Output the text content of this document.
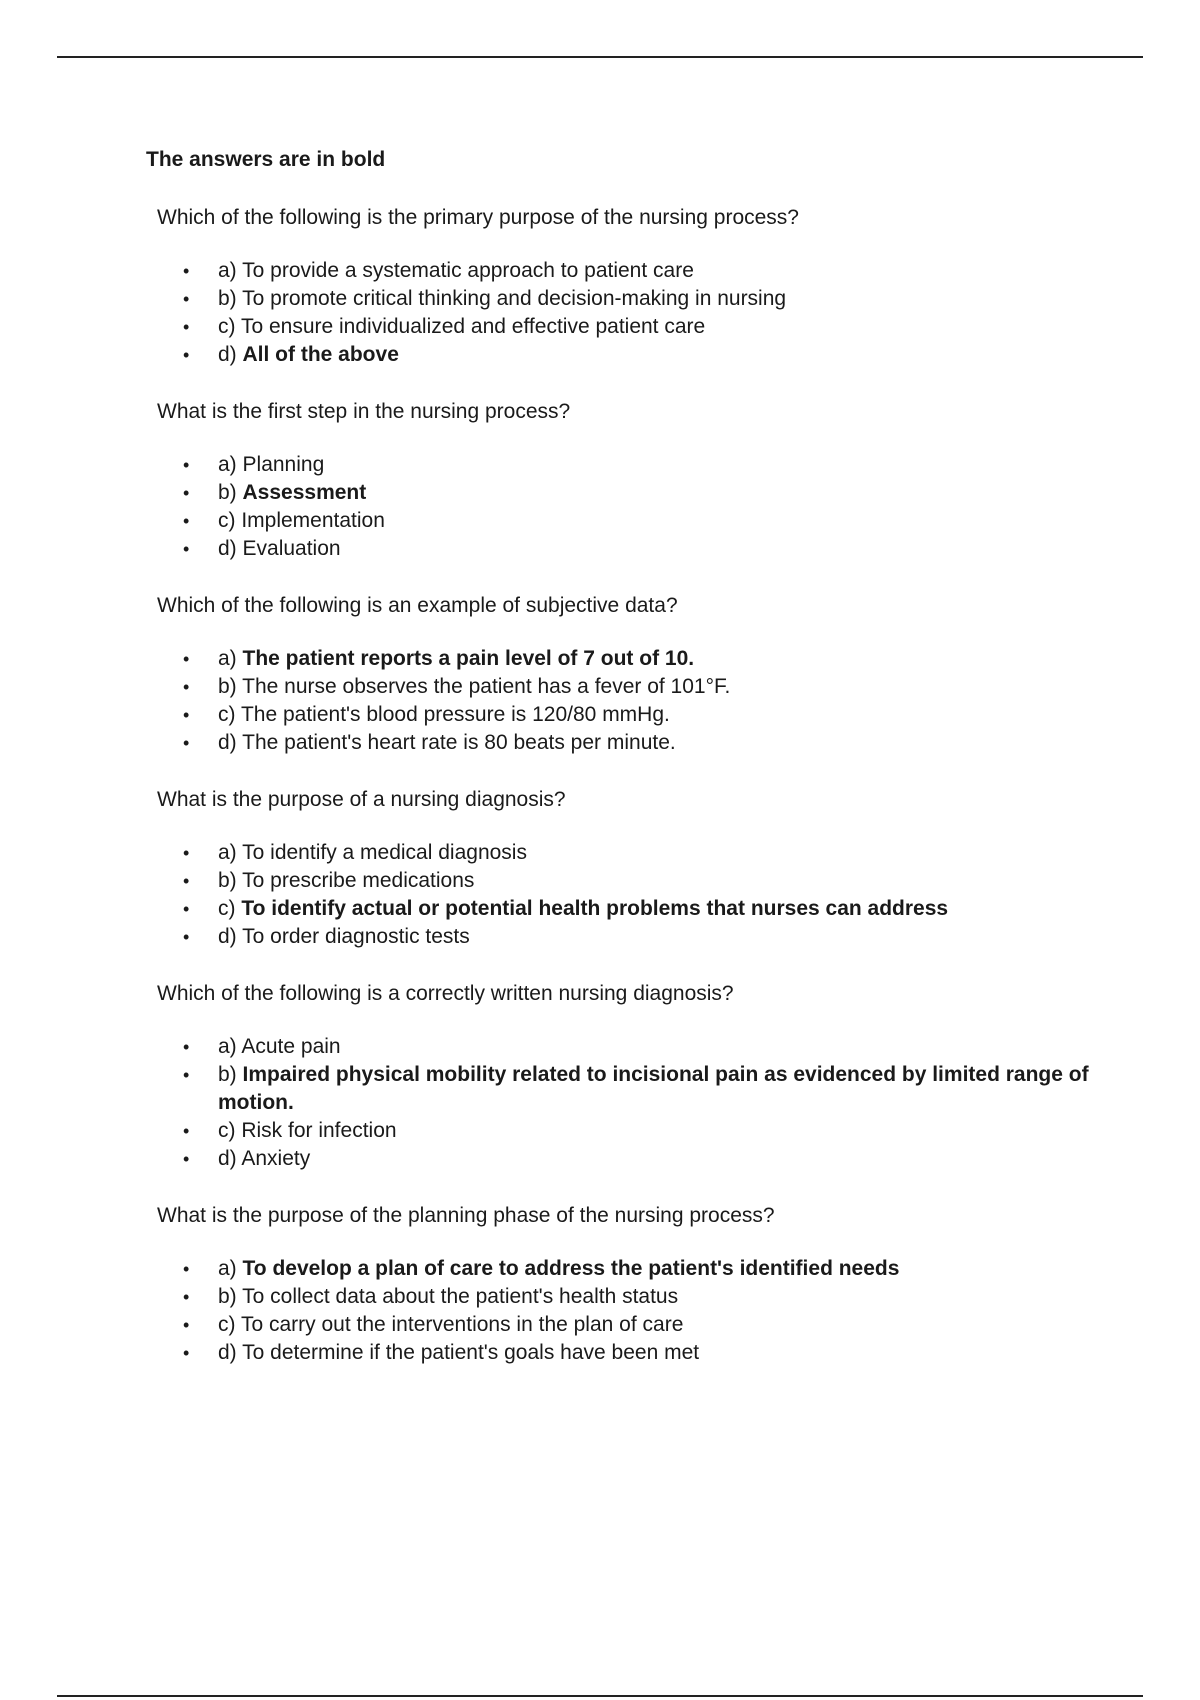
The answers are in bold
Which of the following is the primary purpose of the nursing process?
• a) To provide a systematic approach to patient care
• b) To promote critical thinking and decision-making in nursing
• c) To ensure individualized and effective patient care
• d) All of the above
What is the first step in the nursing process?
• a) Planning
• b) Assessment
• c) Implementation
• d) Evaluation
Which of the following is an example of subjective data?
• a) The patient reports a pain level of 7 out of 10.
• b) The nurse observes the patient has a fever of 101°F.
• c) The patient's blood pressure is 120/80 mmHg.
• d) The patient's heart rate is 80 beats per minute.
What is the purpose of a nursing diagnosis?
• a) To identify a medical diagnosis
• b) To prescribe medications
• c) To identify actual or potential health problems that nurses can address
• d) To order diagnostic tests
Which of the following is a correctly written nursing diagnosis?
• a) Acute pain
• b) Impaired physical mobility related to incisional pain as evidenced by limited range of motion.
• c) Risk for infection
• d) Anxiety
What is the purpose of the planning phase of the nursing process?
• a) To develop a plan of care to address the patient's identified needs
• b) To collect data about the patient's health status
• c) To carry out the interventions in the plan of care
• d) To determine if the patient's goals have been met
